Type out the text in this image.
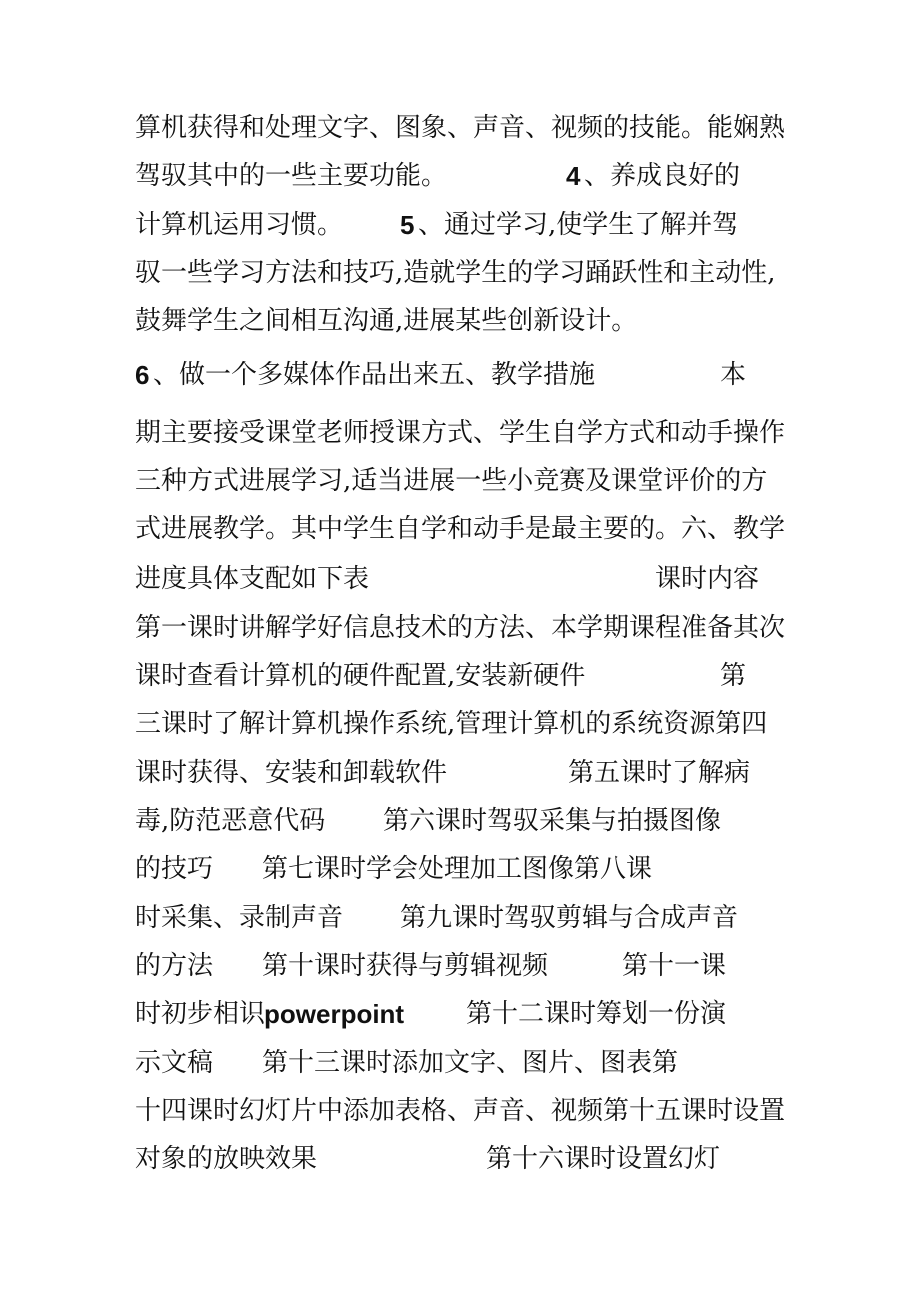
算机获得和处理文字、图象、声音、视频的技能。能娴熟
驾驭其中的一些主要功能。	4 、养成良好的
计算机运用习惯。 5 、通过学习,使学生了解并驾
驭一些学习方法和技巧,造就学生的学习踊跃性和主动性,
鼓舞学生之间相互沟通,进展某些创新设计。
6 、做一个多媒体作品出来五、教学措施	本
期主要接受课堂老师授课方式、学生自学方式和动手操作
三种方式进展学习,适当进展一些小竞赛及课堂评价的方
式进展教学。其中学生自学和动手是最主要的。六、教学
进度具体支配如下表	课时内容
第一课时讲解学好信息技术的方法、本学期课程准备其次
课时查看计算机的硬件配置,安装新硬件	第
三课时了解计算机操作系统,管理计算机的系统资源第四
课时获得、安装和卸载软件	第五课时了解病
毒,防范恶意代码 第六课时驾驭采集与拍摄图像
的技巧 第七课时学会处理加工图像第八课
时采集、录制声音 第九课时驾驭剪辑与合成声音
的方法 第十课时获得与剪辑视频	第十一课
时初步相识
powerpoint 第十二课时筹划一份演
示文稿 第十三课时添加文字、图片、图表第
十四课时幻灯片中添加表格、声音、视频第十五课时设置
对象的放映效果	第十六课时设置幻灯
